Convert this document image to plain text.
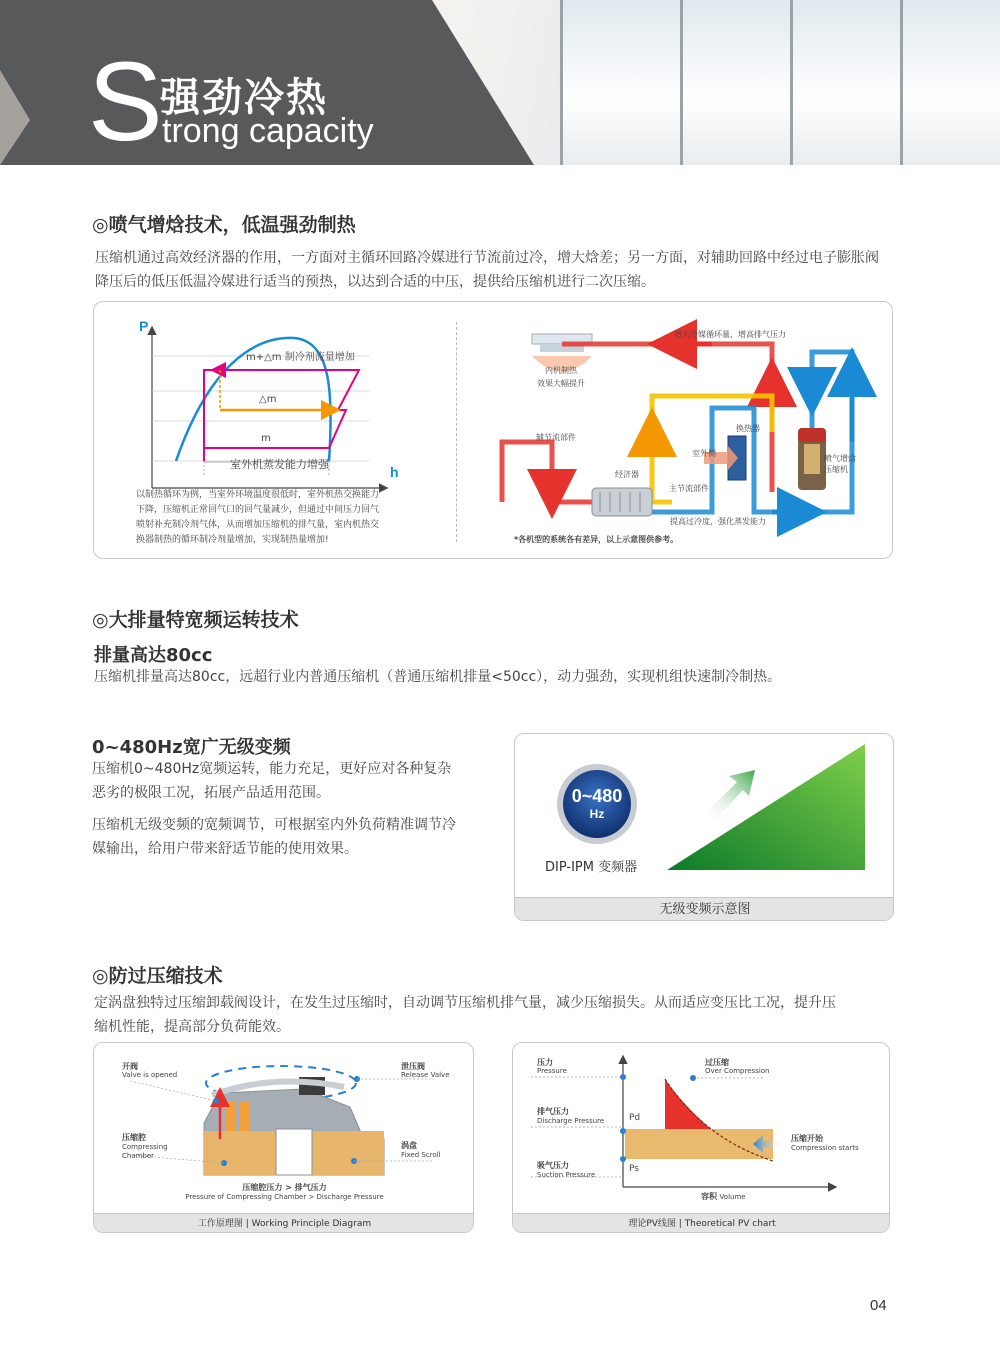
S
强劲冷热
trong capacity
◎喷气增焓技术，低温强劲制热
压缩机通过高效经济器的作用，一方面对主循环回路冷媒进行节流前过冷，增大焓差；另一方面，对辅助回路中经过电子膨胀阀
降压后的低压低温冷媒进行适当的预热，以达到合适的中压，提供给压缩机进行二次压缩。
P
h
m+△m 制冷剂流量增加
△m
m
室外机蒸发能力增强
以制热循环为例，当室外环境温度很低时，室外机热交换能力
下降，压缩机正常回气口的回气量减少，但通过中间压力回气
喷射补充制冷剂气体，从而增加压缩机的排气量，室内机热交
换器制热的循环制冷剂量增加，实现制热量增加!
增大冷媒循环量，增高排气压力
内机制热
效果大幅提升
辅节流部件
换热器
室外侧
经济器
主节流部件
提高过冷度，强化蒸发能力
喷气增焓
压缩机
*各机型的系统各有差异，以上示意图供参考。
◎大排量特宽频运转技术
排量高达80cc
压缩机排量高达80cc，远超行业内普通压缩机（普通压缩机排量<50cc），动力强劲，实现机组快速制冷制热。
0~480Hz宽广无级变频
压缩机0~480Hz宽频运转，能力充足，更好应对各种复杂
恶劣的极限工况，拓展产品适用范围。
压缩机无级变频的宽频调节，可根据室内外负荷精准调节冷
媒输出，给用户带来舒适节能的使用效果。
0~480
Hz
DIP-IPM 变频器
无级变频示意图
◎防过压缩技术
定涡盘独特过压缩卸载阀设计，在发生过压缩时，自动调节压缩机排气量，减少压缩损失。从而适应变压比工况，提升压
缩机性能，提高部分负荷能效。
开阀
Valve is opened
泄压阀
Release Valve
压缩腔
Compressing
Chamber
涡盘
Fixed Scroll
压缩腔压力 > 排气压力
Pressure of Compressing Chamber > Discharge Pressure
工作原理图 | Working Principle Diagram
压力
Pressure
排气压力
Discharge Pressure
吸气压力
Suction Pressure
过压缩
Over Compression
压缩开始
Compression starts
Pd
Ps
容积 Volume
理论PV线图 | Theoretical PV chart
04
